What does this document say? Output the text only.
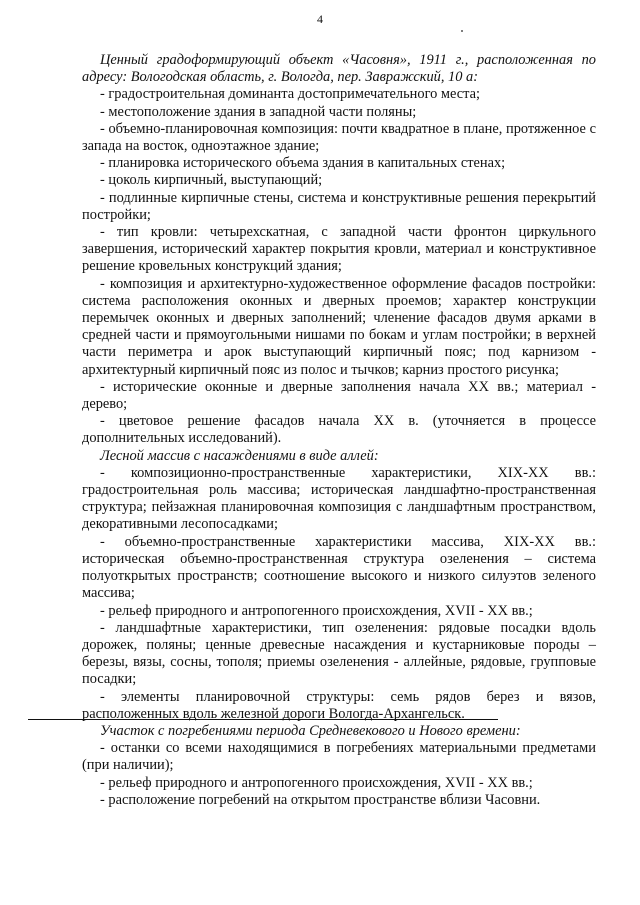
4

Ценный градоформирующий объект «Часовня», 1911 г., расположенная по адресу: Вологодская область, г. Вологда, пер. Завражский, 10 а:

- градостроительная доминанта достопримечательного места;

- местоположение здания в западной части поляны;

- объемно-планировочная композиция: почти квадратное в плане, протяженное с запада на восток, одноэтажное здание;

- планировка исторического объема здания в капитальных стенах;

- цоколь кирпичный, выступающий;

- подлинные кирпичные стены, система и конструктивные решения перекрытий постройки;

- тип кровли: четырехскатная, с западной части фронтон циркульного завершения, исторический характер покрытия кровли, материал и конструктивное решение кровельных конструкций здания;

- композиция и архитектурно-художественное оформление фасадов постройки: система расположения оконных и дверных проемов; характер конструкции перемычек оконных и дверных заполнений; членение фасадов двумя арками в средней части и прямоугольными нишами по бокам и углам постройки; в верхней части периметра и арок выступающий кирпичный пояс; под карнизом - архитектурный кирпичный пояс из полос и тычков; карниз простого рисунка;

- исторические оконные и дверные заполнения начала XX вв.; материал - дерево;

- цветовое решение фасадов начала XX в. (уточняется в процессе дополнительных исследований).

Лесной массив с насаждениями в виде аллей:

- композиционно-пространственные характеристики, XIX-XX вв.: градостроительная роль массива; историческая ландшафтно-пространственная структура; пейзажная планировочная композиция с ландшафтным пространством, декоративными лесопосадками;

- объемно-пространственные характеристики массива, XIX-XX вв.: историческая объемно-пространственная структура озеленения – система полуоткрытых пространств; соотношение высокого и низкого силуэтов зеленого массива;

- рельеф природного и антропогенного происхождения, XVII - XX вв.;

- ландшафтные характеристики, тип озеленения: рядовые посадки вдоль дорожек, поляны; ценные древесные насаждения и кустарниковые породы – березы, вязы, сосны, тополя; приемы озеленения - аллейные, рядовые, групповые посадки;

- элементы планировочной структуры: семь рядов берез и вязов, расположенных вдоль железной дороги Вологда-Архангельск.

Участок с погребениями периода Средневекового и Нового времени:

- останки со всеми находящимися в погребениях материальными предметами (при наличии);

- рельеф природного и антропогенного происхождения, XVII - XX вв.;

- расположение погребений на открытом пространстве вблизи Часовни.
